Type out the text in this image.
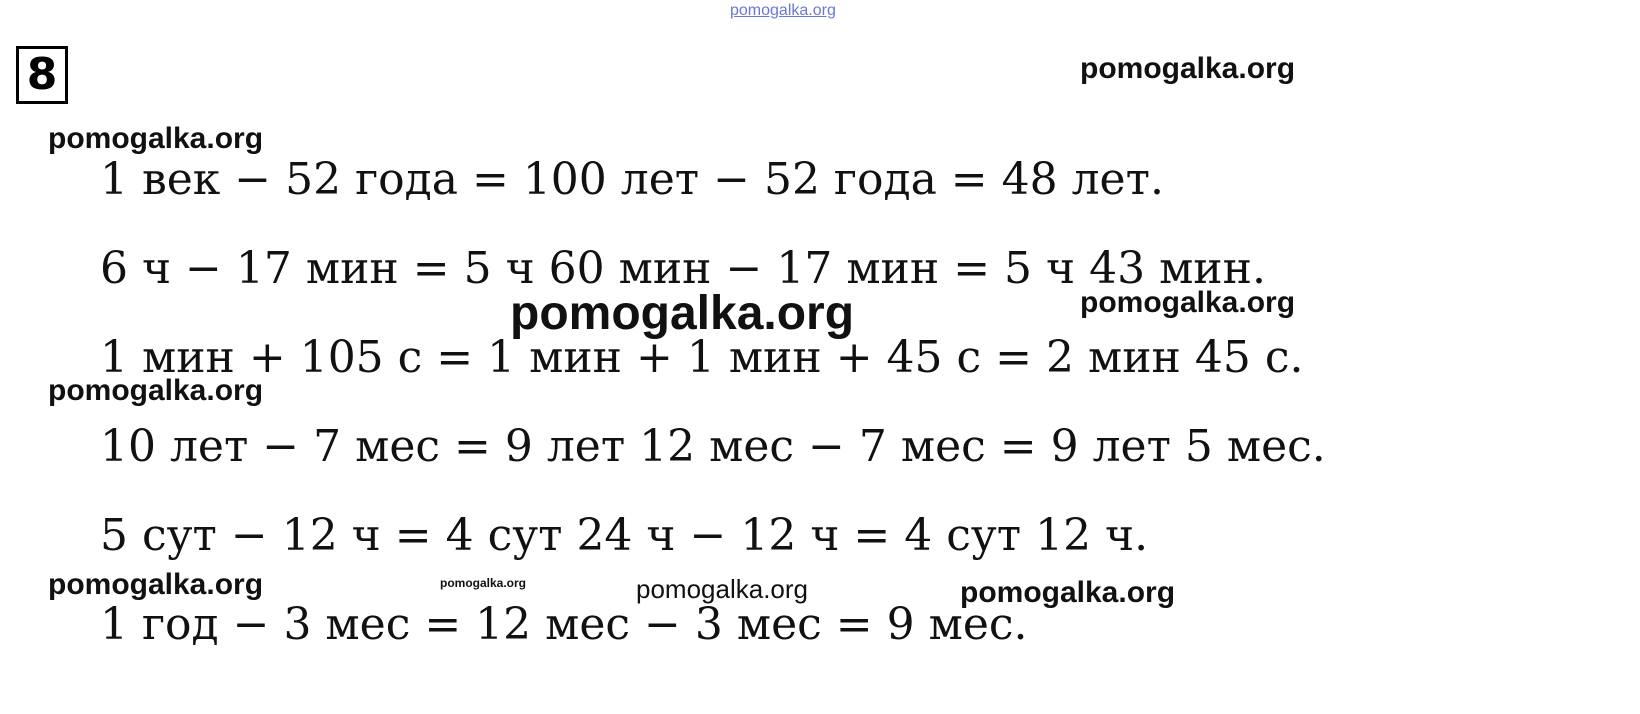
8
pomogalka.org
pomogalka.org
pomogalka.org
1 век − 52 года = 100 лет − 52 года = 48 лет.
6 ч − 17 мин = 5 ч 60 мин − 17 мин = 5 ч 43 мин.
pomogalka.org	pomogalka.org
1 мин + 105 с = 1 мин + 1 мин + 45 с = 2 мин 45 с.
pomogalka.org
10 лет − 7 мес = 9 лет 12 мес − 7 мес = 9 лет 5 мес.
5 сут − 12 ч = 4 сут 24 ч − 12 ч = 4 сут 12 ч.
pomogalka.org	pomogalka.org	pomogalka.org	pomogalka.org
1 год − 3 мес = 12 мес − 3 мес = 9 мес.
